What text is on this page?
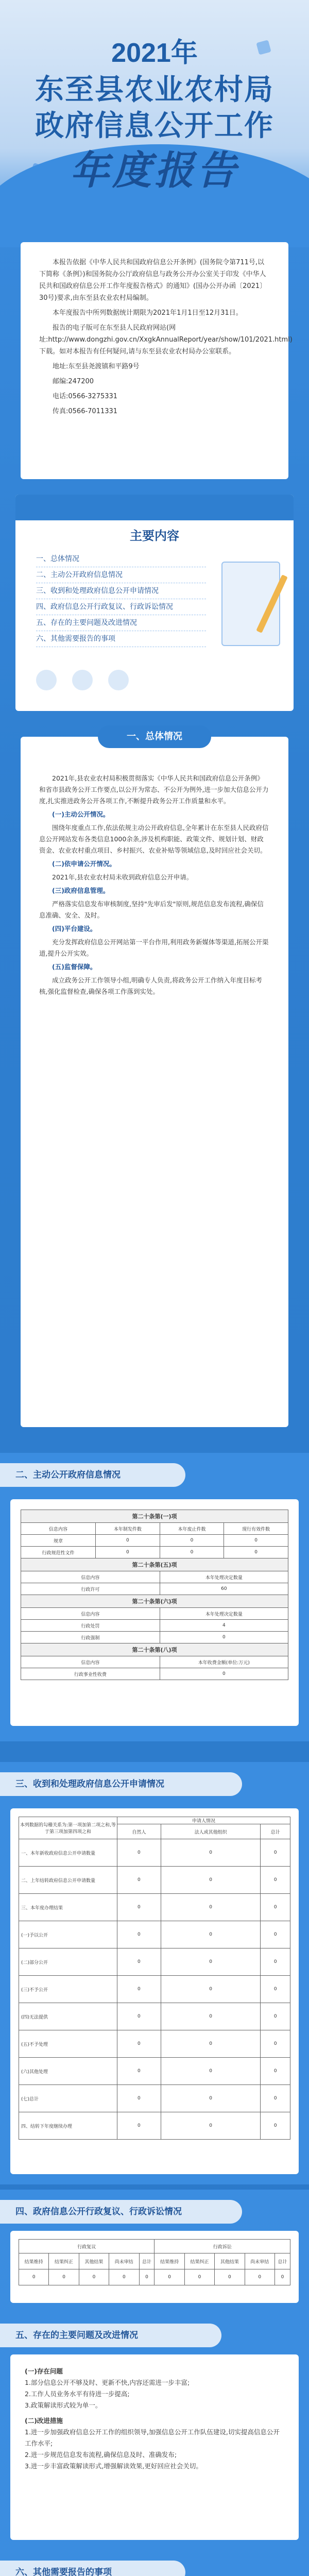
2021年
东至县农业农村局
政府信息公开工作
年度报告

本报告依据《中华人民共和国政府信息公开条例》(国务院令第711号,以下简称《条例》)和国务院办公厅政府信息与政务公开办公室关于印发《中华人民共和国政府信息公开工作年度报告格式》的通知》(国办公开办函〔2021〕30号)要求,由东至县农业农村局编制。

本年度报告中所列数据统计期限为2021年1月1日至12月31日。

报告的电子版可在东至县人民政府网站(网址:http://www.dongzhi.gov.cn/XxgkAnnualReport/year/show/101/2021.html)下载。如对本报告有任何疑问,请与东至县农业农村局办公室联系。

地址:东至县尧渡镇和平路9号

邮编:247200

电话:0566-3275331

传真:0566-7011331

主要内容
一、总体情况
二、主动公开政府信息情况
三、收到和处理政府信息公开申请情况
四、政府信息公开行政复议、行政诉讼情况
五、存在的主要问题及改进情况
六、其他需要报告的事项
一、总体情况

2021年,县农业农村局积极贯彻落实《中华人民共和国政府信息公开条例》和省市县政务公开工作要点,以公开为常态、不公开为例外,进一步加大信息公开力度,扎实推进政务公开各项工作,不断提升政务公开工作质量和水平。

(一)主动公开情况。

围绕年度重点工作,依法依规主动公开政府信息,全年累计在东至县人民政府信息公开网站发布各类信息1000余条,涉及机构职能、政策文件、规划计划、财政资金、农业农村重点项目、乡村振兴、农业补贴等领域信息,及时回应社会关切。

(二)依申请公开情况。

2021年,县农业农村局未收到政府信息公开申请。

(三)政府信息管理。

严格落实信息发布审核制度,坚持"先审后发"原则,规范信息发布流程,确保信息准确、安全、及时。

(四)平台建设。

充分发挥政府信息公开网站第一平台作用,利用政务新媒体等渠道,拓展公开渠道,提升公开实效。

(五)监督保障。

成立政务公开工作领导小组,明确专人负责,将政务公开工作纳入年度目标考核,强化监督检查,确保各项工作落到实处。

二、主动公开政府信息情况
第二十条第(一)项			
信息内容	本年制发件数	本年废止件数	现行有效件数
规章	0	0	0
行政规范性文件	0	0	0
第二十条第(五)项			
信息内容		本年处理决定数量	
行政许可		60	
第二十条第(六)项			
信息内容		本年处理决定数量	
行政处罚		4	
行政强制		0	
第二十条第(八)项			
信息内容		本年收费金额(单位:万元)	
行政事业性收费		0	
三、收到和处理政府信息公开申请情况
本列数据的勾稽关系为:第一项加第二项之和,等于第三项加第四项之和	申请人情况		
	自然人	法人或其他组织	总计
一、本年新收政府信息公开申请数量	0	0	0
二、上年结转政府信息公开申请数量	0	0	0
三、本年度办理结果	0	0	0
(一)予以公开	0	0	0
(二)部分公开	0	0	0
(三)不予公开	0	0	0
(四)无法提供	0	0	0
(五)不予处理	0	0	0
(六)其他处理	0	0	0
(七)总计	0	0	0
四、结转下年度继续办理	0	0	0
四、政府信息公开行政复议、行政诉讼情况
行政复议					行政诉讼				
结果维持	结果纠正	其他结果	尚未审结	总计	结果维持	结果纠正	其他结果	尚未审结	总计
0	0	0	0	0	0	0	0	0	0
五、存在的主要问题及改进情况
(一)存在问题
1.部分信息公开不够及时、更新不快,内容还需进一步丰富;
2.工作人员业务水平有待进一步提高;
3.政策解读形式较为单一。
(二)改进措施
1.进一步加强政府信息公开工作的组织领导,加强信息公开工作队伍建设,切实提高信息公开工作水平;
2.进一步规范信息发布流程,确保信息及时、准确发布;
3.进一步丰富政策解读形式,增强解读效果,更好回应社会关切。
六、其他需要报告的事项
